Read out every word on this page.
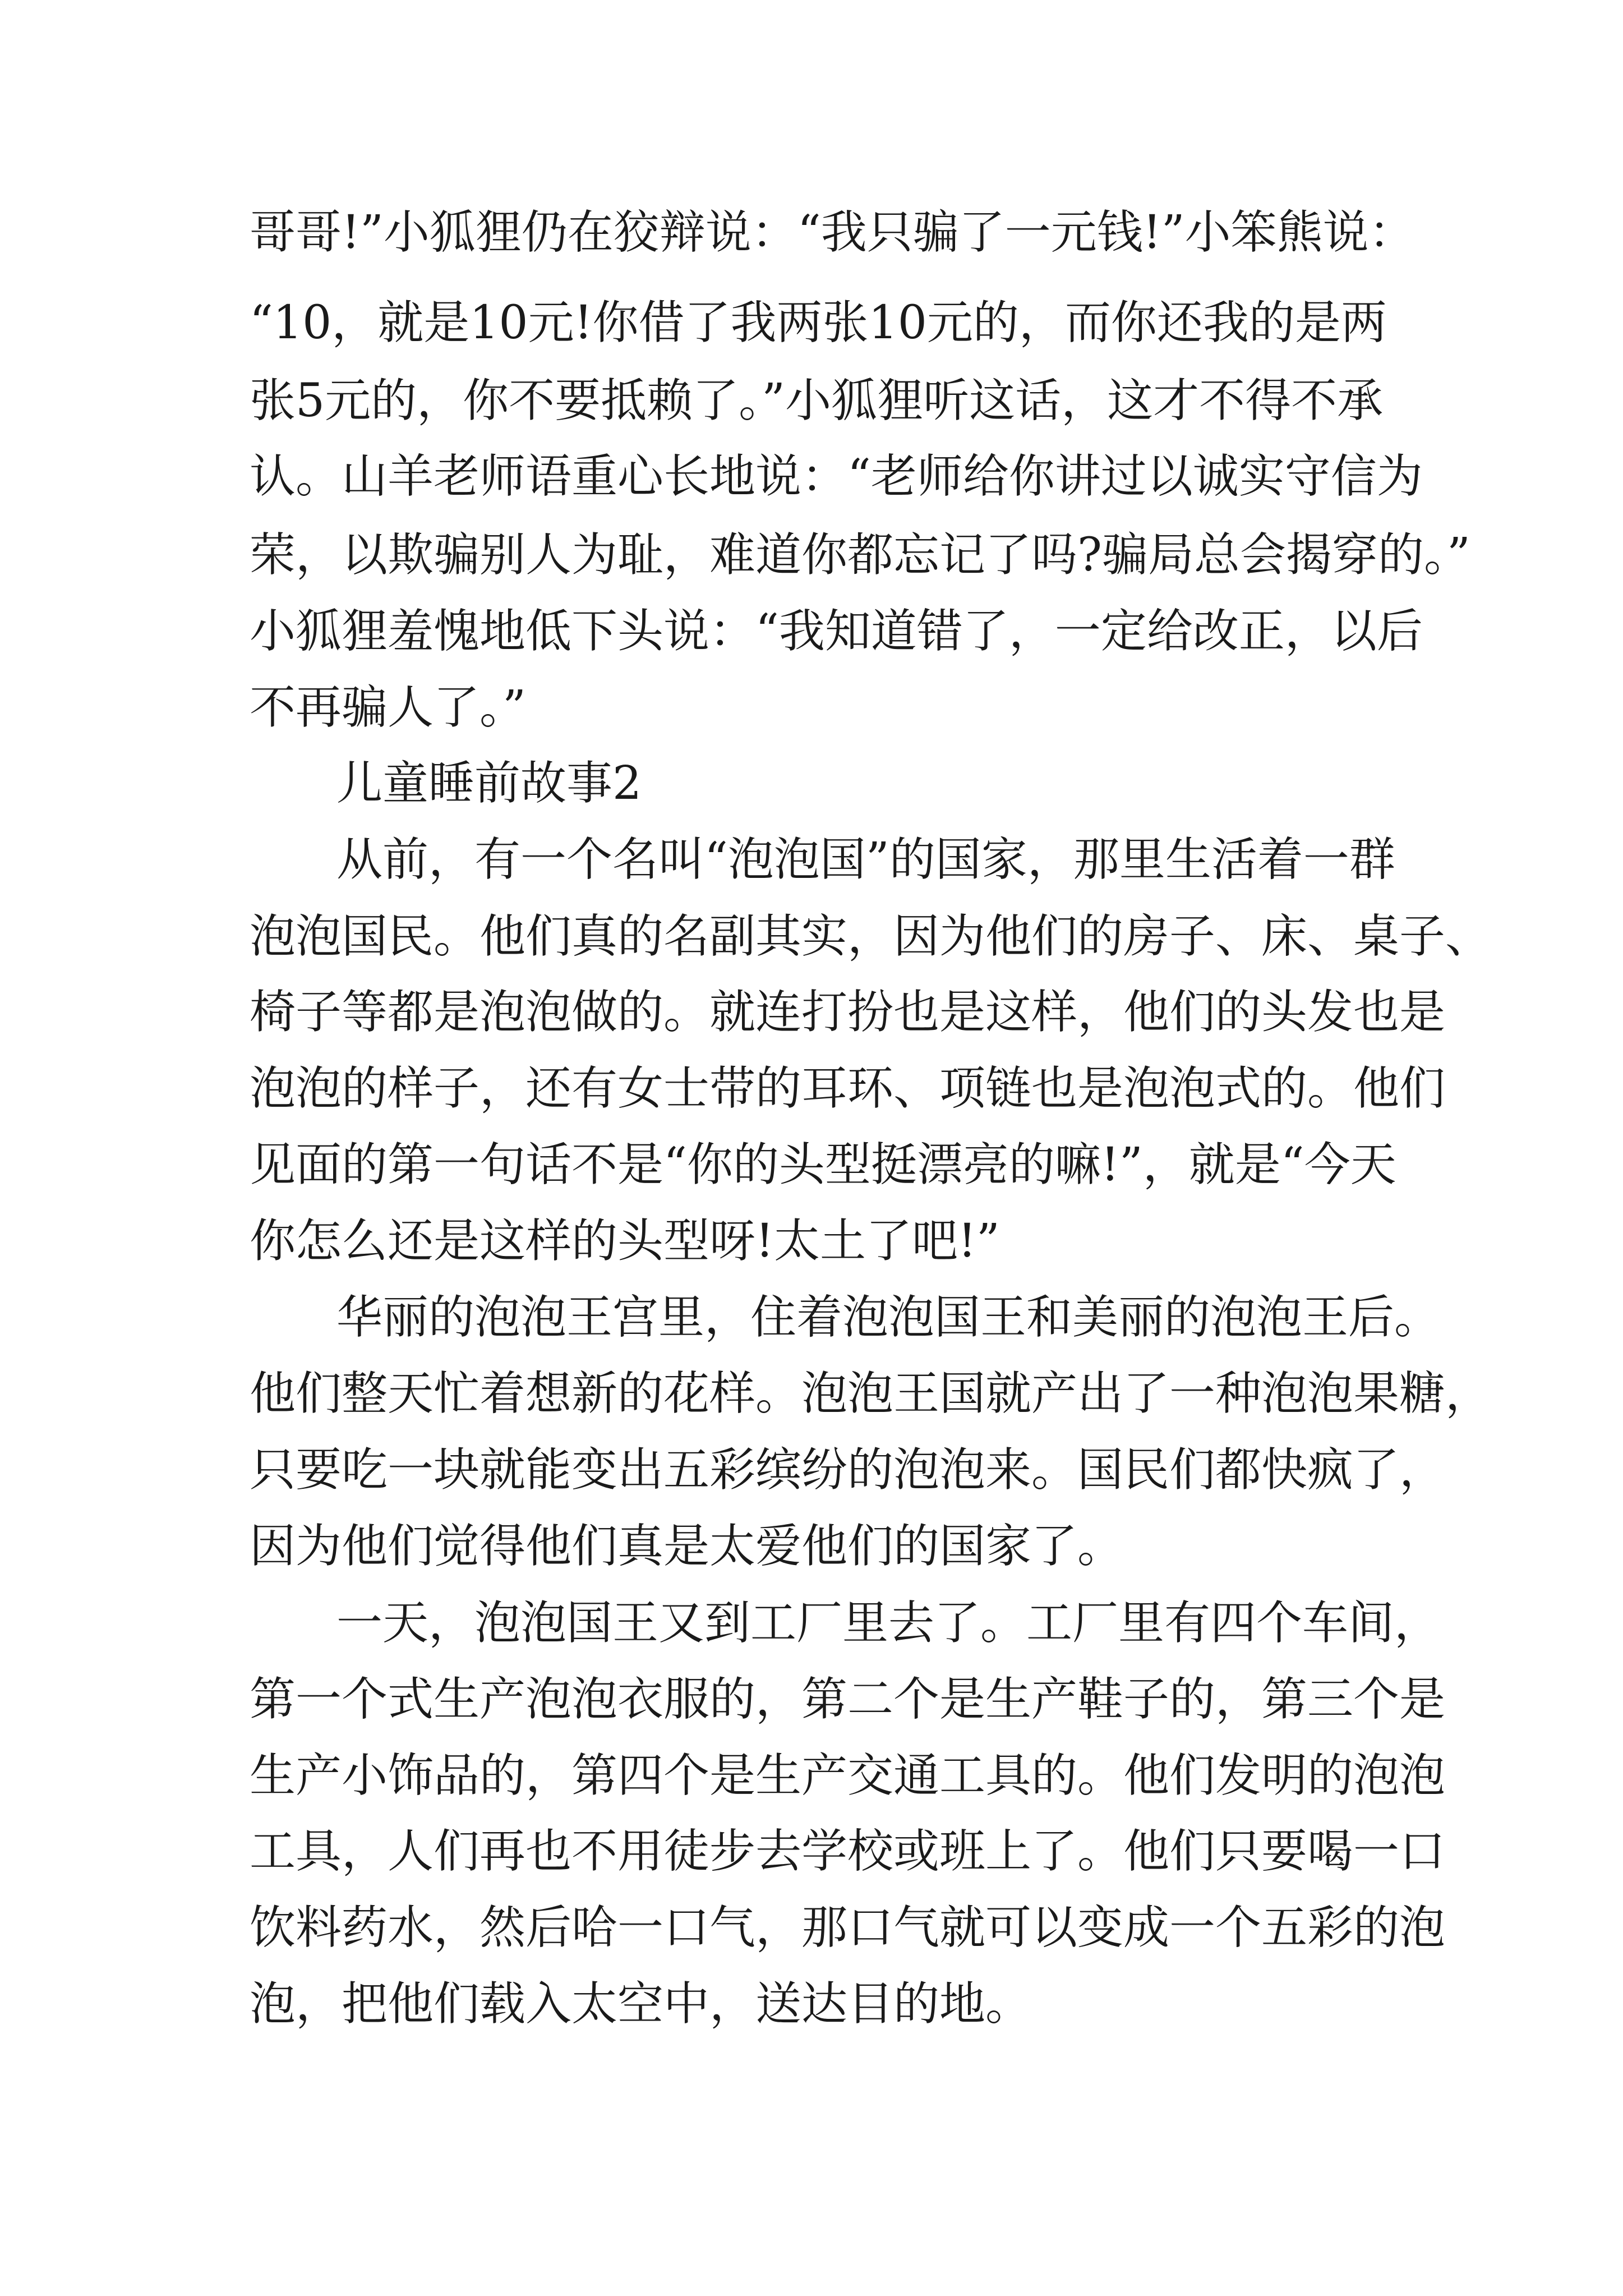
哥哥!”小狐狸仍在狡辩说：“我只骗了一元钱!”小笨熊说：
“10，就是10元!你借了我两张10元的，而你还我的是两
张5元的，你不要抵赖了。”小狐狸听这话，这才不得不承
认。山羊老师语重心长地说：“老师给你讲过以诚实守信为
荣，以欺骗别人为耻，难道你都忘记了吗?骗局总会揭穿的。”
小狐狸羞愧地低下头说：“我知道错了，一定给改正，以后
不再骗人了。”
儿童睡前故事2
从前，有一个名叫“泡泡国”的国家，那里生活着一群
泡泡国民。他们真的名副其实，因为他们的房子、床、桌子、
椅子等都是泡泡做的。就连打扮也是这样，他们的头发也是
泡泡的样子，还有女士带的耳环、项链也是泡泡式的。他们
见面的第一句话不是“你的头型挺漂亮的嘛!”，就是“今天
你怎么还是这样的头型呀!太土了吧!”
华丽的泡泡王宫里，住着泡泡国王和美丽的泡泡王后。
他们整天忙着想新的花样。泡泡王国就产出了一种泡泡果糖，
只要吃一块就能变出五彩缤纷的泡泡来。国民们都快疯了，
因为他们觉得他们真是太爱他们的国家了。
一天，泡泡国王又到工厂里去了。工厂里有四个车间，
第一个式生产泡泡衣服的，第二个是生产鞋子的，第三个是
生产小饰品的，第四个是生产交通工具的。他们发明的泡泡
工具，人们再也不用徒步去学校或班上了。他们只要喝一口
饮料药水，然后哈一口气，那口气就可以变成一个五彩的泡
泡，把他们载入太空中，送达目的地。
